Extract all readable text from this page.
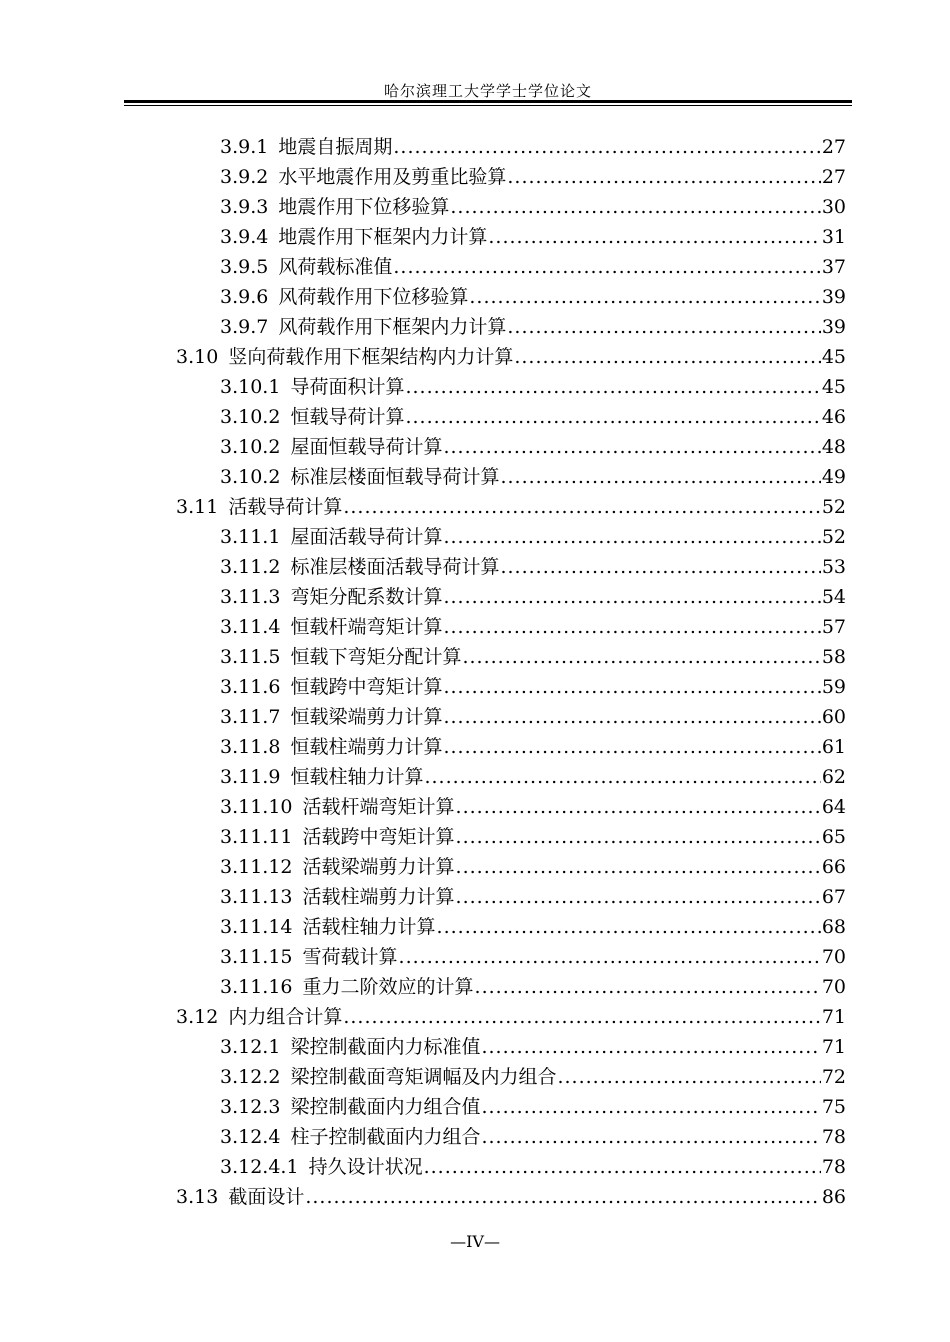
哈尔滨理工大学学士学位论文
3.9.1 地震自振周期 .....	27
3.9.2 水平地震作用及剪重比验算 .....	27
3.9.3 地震作用下位移验算 .....	30
3.9.4 地震作用下框架内力计算 .....	31
3.9.5 风荷载标准值 .....	37
3.9.6 风荷载作用下位移验算 .....	39
3.9.7 风荷载作用下框架内力计算 .....	39
3.10 竖向荷载作用下框架结构内力计算 .....	45
3.10.1 导荷面积计算 .....	45
3.10.2 恒载导荷计算 .....	46
3.10.2 屋面恒载导荷计算 .....	48
3.10.2 标准层楼面恒载导荷计算 .....	49
3.11 活载导荷计算 .....	52
3.11.1 屋面活载导荷计算 .....	52
3.11.2 标准层楼面活载导荷计算 .....	53
3.11.3 弯矩分配系数计算 .....	54
3.11.4 恒载杆端弯矩计算 .....	57
3.11.5 恒载下弯矩分配计算 .....	58
3.11.6 恒载跨中弯矩计算 .....	59
3.11.7 恒载梁端剪力计算 .....	60
3.11.8 恒载柱端剪力计算 .....	61
3.11.9 恒载柱轴力计算 .....	62
3.11.10 活载杆端弯矩计算 .....	64
3.11.11 活载跨中弯矩计算 .....	65
3.11.12 活载梁端剪力计算 .....	66
3.11.13 活载柱端剪力计算 .....	67
3.11.14 活载柱轴力计算 .....	68
3.11.15 雪荷载计算 .....	70
3.11.16 重力二阶效应的计算 .....	70
3.12 内力组合计算 .....	71
3.12.1 梁控制截面内力标准值 .....	71
3.12.2 梁控制截面弯矩调幅及内力组合 .....	72
3.12.3 梁控制截面内力组合值 .....	75
3.12.4 柱子控制截面内力组合 .....	78
3.12.4.1 持久设计状况 .....	78
3.13 截面设计 .....	86
—IV—
